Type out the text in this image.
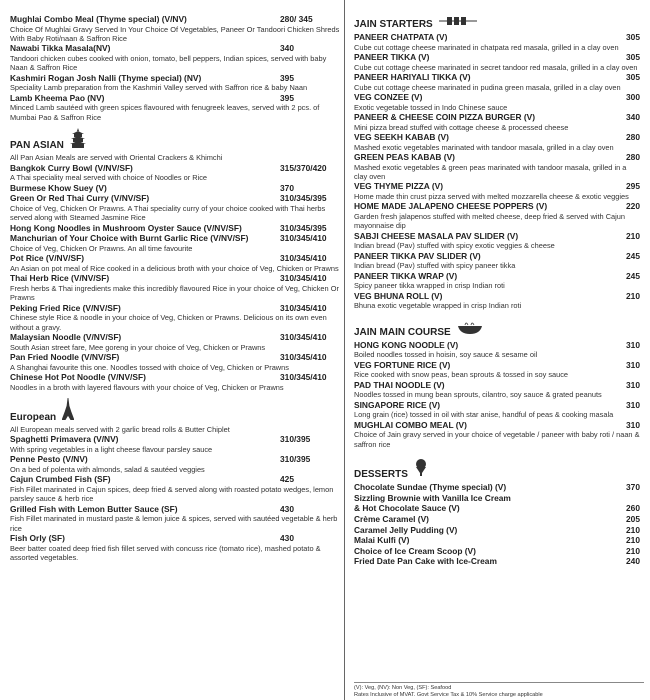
Mughlai Combo Meal (Thyme special) (V/NV)	280/ 345
Choice Of Mughlai Gravy Served In Your Choice Of Vegetables, Paneer Or Tandoori Chicken Shreds With Baby Roti/naan & Saffron Rice
Nawabi Tikka Masala(NV)	340
Tandoori chicken cubes cooked with onion, tomato, bell peppers, Indian spices, served with baby Naan & Saffron Rice
Kashmiri Rogan Josh Nalli (Thyme special) (NV)	395
Speciality Lamb preparation from the Kashmiri Valley served with Saffron rice & baby Naan
Lamb Kheema Pao (NV)	395
Minced Lamb sautéed with green spices flavoured with fenugreek leaves, served with 2 pcs. of Mumbai Pao & Saffron Rice
PAN ASIAN
All Pan Asian Meals are served with Oriental Crackers & Khimchi
Bangkok Curry Bowl (V/NV/SF)	315/370/420
A Thai speciality meal served with choice of Noodles or Rice
Burmese Khow Suey (V)	370
Green Or Red Thai Curry (V/NV/SF)	310/345/395
Choice of Veg, Chicken Or Prawns. A Thai speciality curry of your choice cooked with Thai herbs served along with Steamed Jasmine Rice
Hong Kong Noodles in Mushroom Oyster Sauce (V/NV/SF)	310/345/395
Manchurian of Your Choice with Burnt Garlic Rice (V/NV/SF)	310/345/410
Choice of Veg, Chicken Or Prawns. An all time favourite
Pot Rice (V/NV/SF)	310/345/410
An Asian on pot meal of Rice cooked in a delicious broth with your choice of Veg, Chicken or Prawns
Thai Herb Rice (V/NV/SF)	310/345/410
Fresh herbs & Thai ingredients make this incredibly flavoured Rice in your choice of Veg, Chicken Or Prawns
Peking Fried Rice (V/NV/SF)	310/345/410
Chinese style Rice & noodle in your choice of Veg, Chicken or Prawns. Delicious on its own even without a gravy.
Malaysian Noodle (V/NV/SF)	310/345/410
South Asian street fare, Mee goreng in your choice of Veg, Chicken or Prawns
Pan Fried Noodle (V/NV/SF)	310/345/410
A Shanghai favourite this one. Noodles tossed with choice of Veg, Chicken or Prawns
Chinese Hot Pot Noodle (V/NV/SF)	310/345/410
Noodles in a broth with layered flavours with your choice of Veg, Chicken or Prawns
European
All European meals served with 2 garlic bread rolls & Butter Chiplet
Spaghetti Primavera (V/NV)	310/395
With spring vegetables in a light cheese flavour parsley sauce
Penne Pesto (V/NV)	310/395
On a bed of polenta with almonds, salad & sautéed veggies
Cajun Crumbed Fish (SF)	425
Fish Fillet marinated in Cajun spices, deep fried & served along with roasted potato wedges, lemon parsley sauce & herb rice
Grilled Fish with Lemon Butter Sauce (SF)	430
Fish Fillet marinated in mustard paste & lemon juice & spices, served with sautéed vegetable & herb rice
Fish Orly (SF)	430
Beer batter coated deep fried fish fillet served with concuss rice (tomato rice), mashed potato & assorted vegetables.
JAIN STARTERS
PANEER CHATPATA (V)	305
Cube cut cottage cheese marinated in chatpata red masala, grilled in a clay oven
PANEER TIKKA (V)	305
Cube cut cottage cheese marinated in secret tandoor red masala, grilled in a clay oven
PANEER HARIYALI TIKKA (V)	305
Cube cut cottage cheese marinated in pudina green masala, grilled in a clay oven
VEG CONZEE (V)	300
Exotic vegetable tossed in Indo Chinese sauce
PANEER & CHEESE COIN PIZZA BURGER (V)	340
Mini pizza bread stuffed with cottage cheese & processed cheese
VEG SEEKH KABAB (V)	280
Mashed exotic vegetables marinated with tandoor masala, grilled in a clay oven
GREEN PEAS KABAB (V)	280
Mashed exotic vegetables & green peas marinated with tandoor masala, grilled in a clay oven
VEG THYME PIZZA (V)	295
Home made thin crust pizza served with melted mozzarella cheese & exotic veggies
HOME MADE JALAPENO CHEESE POPPERS (V)	220
Garden fresh jalapenos stuffed with melted cheese, deep fried & served with Cajun mayonnaise dip
SABJI CHEESE MASALA PAV SLIDER (V)	210
Indian bread (Pav) stuffed with spicy exotic veggies & cheese
PANEER TIKKA PAV SLIDER (V)	245
Indian bread (Pav) stuffed with spicy paneer tikka
PANEER TIKKA WRAP (V)	245
Spicy paneer tikka wrapped in crisp Indian roti
VEG BHUNA ROLL (V)	210
Bhuna exotic vegetable wrapped in crisp Indian roti
JAIN MAIN COURSE
HONG KONG NOODLE (V)	310
Boiled noodles tossed in hoisin, soy sauce & sesame oil
VEG FORTUNE RICE (V)	310
Rice cooked with snow peas, bean sprouts & tossed in soy sauce
PAD THAI NOODLE (V)	310
Noodles tossed in mung bean sprouts, cilantro, soy sauce & grated peanuts
SINGAPORE RICE (V)	310
Long grain (rice) tossed in oil with star anise, handful of peas & cooking masala
MUGHLAI COMBO MEAL (V)	310
Choice of Jain gravy served in your choice of vegetable / paneer with baby roti / naan & saffron rice
DESSERTS
Chocolate Sundae (Thyme special) (V)	370
Sizzling Brownie with Vanilla Ice Cream
& Hot Chocolate Sauce (V)	260
Crème Caramel (V)	205
Caramel Jelly Pudding (V)	210
Malai Kulfi (V)	210
Choice of Ice Cream Scoop (V)	210
Fried Date Pan Cake with Ice-Cream	240
(V): Veg, (NV): Non Veg, (SF): Seafood
Rates Inclusive of MVAT. Govt Service Tax & 10% Service charge applicable
